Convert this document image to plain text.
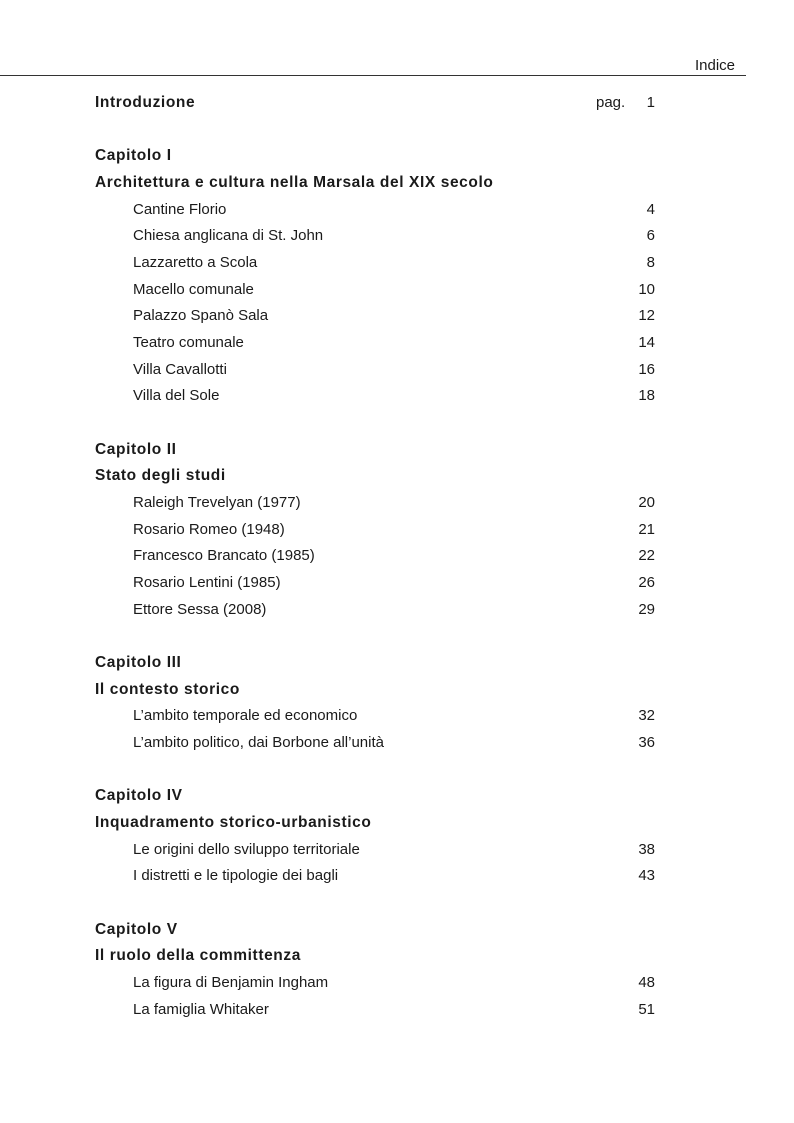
Indice
Introduzione	pag. 1
Capitolo I
Architettura e cultura nella Marsala del XIX secolo
Cantine Florio	4
Chiesa anglicana di St. John	6
Lazzaretto a Scola	8
Macello comunale	10
Palazzo Spanò Sala	12
Teatro comunale	14
Villa Cavallotti	16
Villa del Sole	18
Capitolo II
Stato degli studi
Raleigh Trevelyan (1977)	20
Rosario Romeo (1948)	21
Francesco Brancato (1985)	22
Rosario Lentini (1985)	26
Ettore Sessa (2008)	29
Capitolo III
Il contesto storico
L’ambito temporale ed economico	32
L’ambito politico, dai Borbone all’unità	36
Capitolo IV
Inquadramento storico-urbanistico
Le origini dello sviluppo territoriale	38
I distretti e le tipologie dei bagli	43
Capitolo V
Il ruolo della committenza
La figura di Benjamin Ingham	48
La famiglia Whitaker	51
